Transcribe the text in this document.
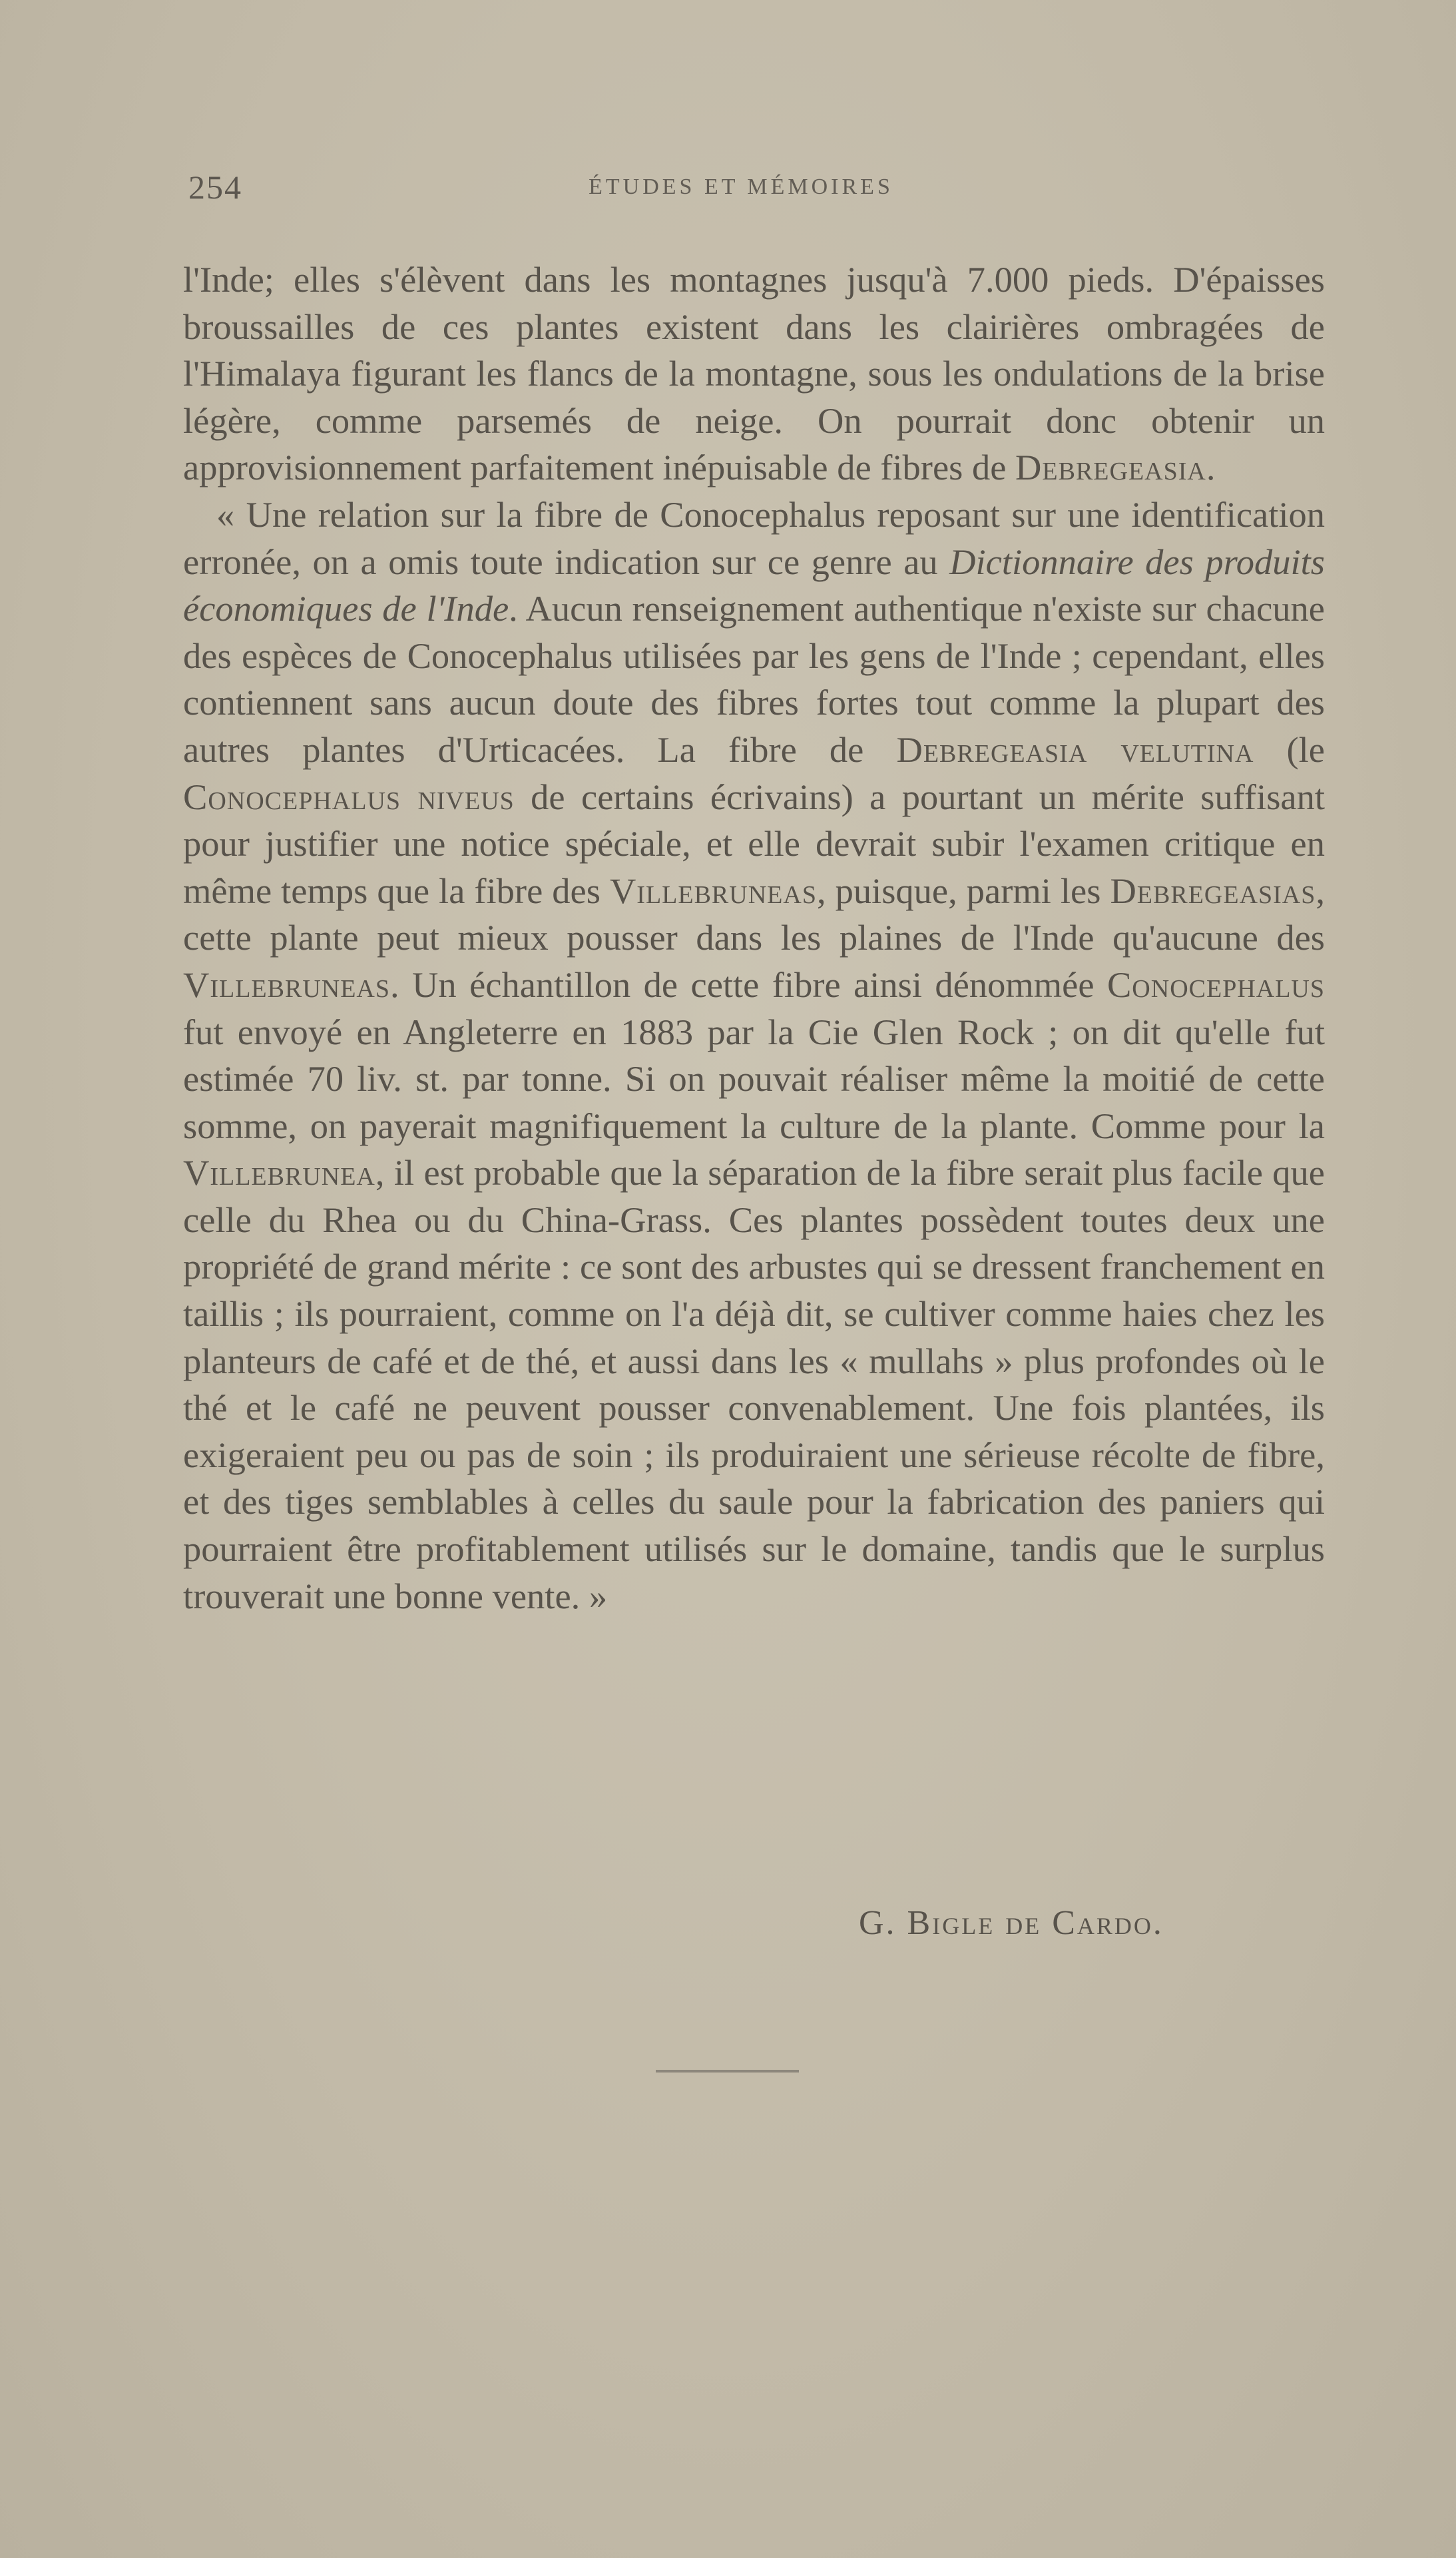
254	ÉTUDES ET MÉMOIRES

l'Inde; elles s'élèvent dans les montagnes jusqu'à 7.000 pieds. D'épaisses broussailles de ces plantes existent dans les clairières ombragées de l'Himalaya figurant les flancs de la montagne, sous les ondulations de la brise légère, comme parsemés de neige. On pourrait donc obtenir un approvisionnement parfaitement inépuisable de fibres de Debregeasia.

« Une relation sur la fibre de Conocephalus reposant sur une identification erronée, on a omis toute indication sur ce genre au Dictionnaire des produits économiques de l'Inde. Aucun renseignement authentique n'existe sur chacune des espèces de Conocephalus utilisées par les gens de l'Inde ; cependant, elles contiennent sans aucun doute des fibres fortes tout comme la plupart des autres plantes d'Urticacées. La fibre de Debregeasia velutina (le Conocephalus niveus de certains écrivains) a pourtant un mérite suffisant pour justifier une notice spéciale, et elle devrait subir l'examen critique en même temps que la fibre des Villebruneas, puisque, parmi les Debregeasias, cette plante peut mieux pousser dans les plaines de l'Inde qu'aucune des Villebruneas. Un échantillon de cette fibre ainsi dénommée Conocephalus fut envoyé en Angleterre en 1883 par la Cie Glen Rock ; on dit qu'elle fut estimée 70 liv. st. par tonne. Si on pouvait réaliser même la moitié de cette somme, on payerait magnifiquement la culture de la plante. Comme pour la Villebrunea, il est probable que la séparation de la fibre serait plus facile que celle du Rhea ou du China-Grass. Ces plantes possèdent toutes deux une propriété de grand mérite : ce sont des arbustes qui se dressent franchement en taillis ; ils pourraient, comme on l'a déjà dit, se cultiver comme haies chez les planteurs de café et de thé, et aussi dans les « mullahs » plus profondes où le thé et le café ne peuvent pousser convenablement. Une fois plantées, ils exigeraient peu ou pas de soin ; ils produiraient une sérieuse récolte de fibre, et des tiges semblables à celles du saule pour la fabrication des paniers qui pourraient être profitablement utilisés sur le domaine, tandis que le surplus trouverait une bonne vente. »

G. Bigle de Cardo.
